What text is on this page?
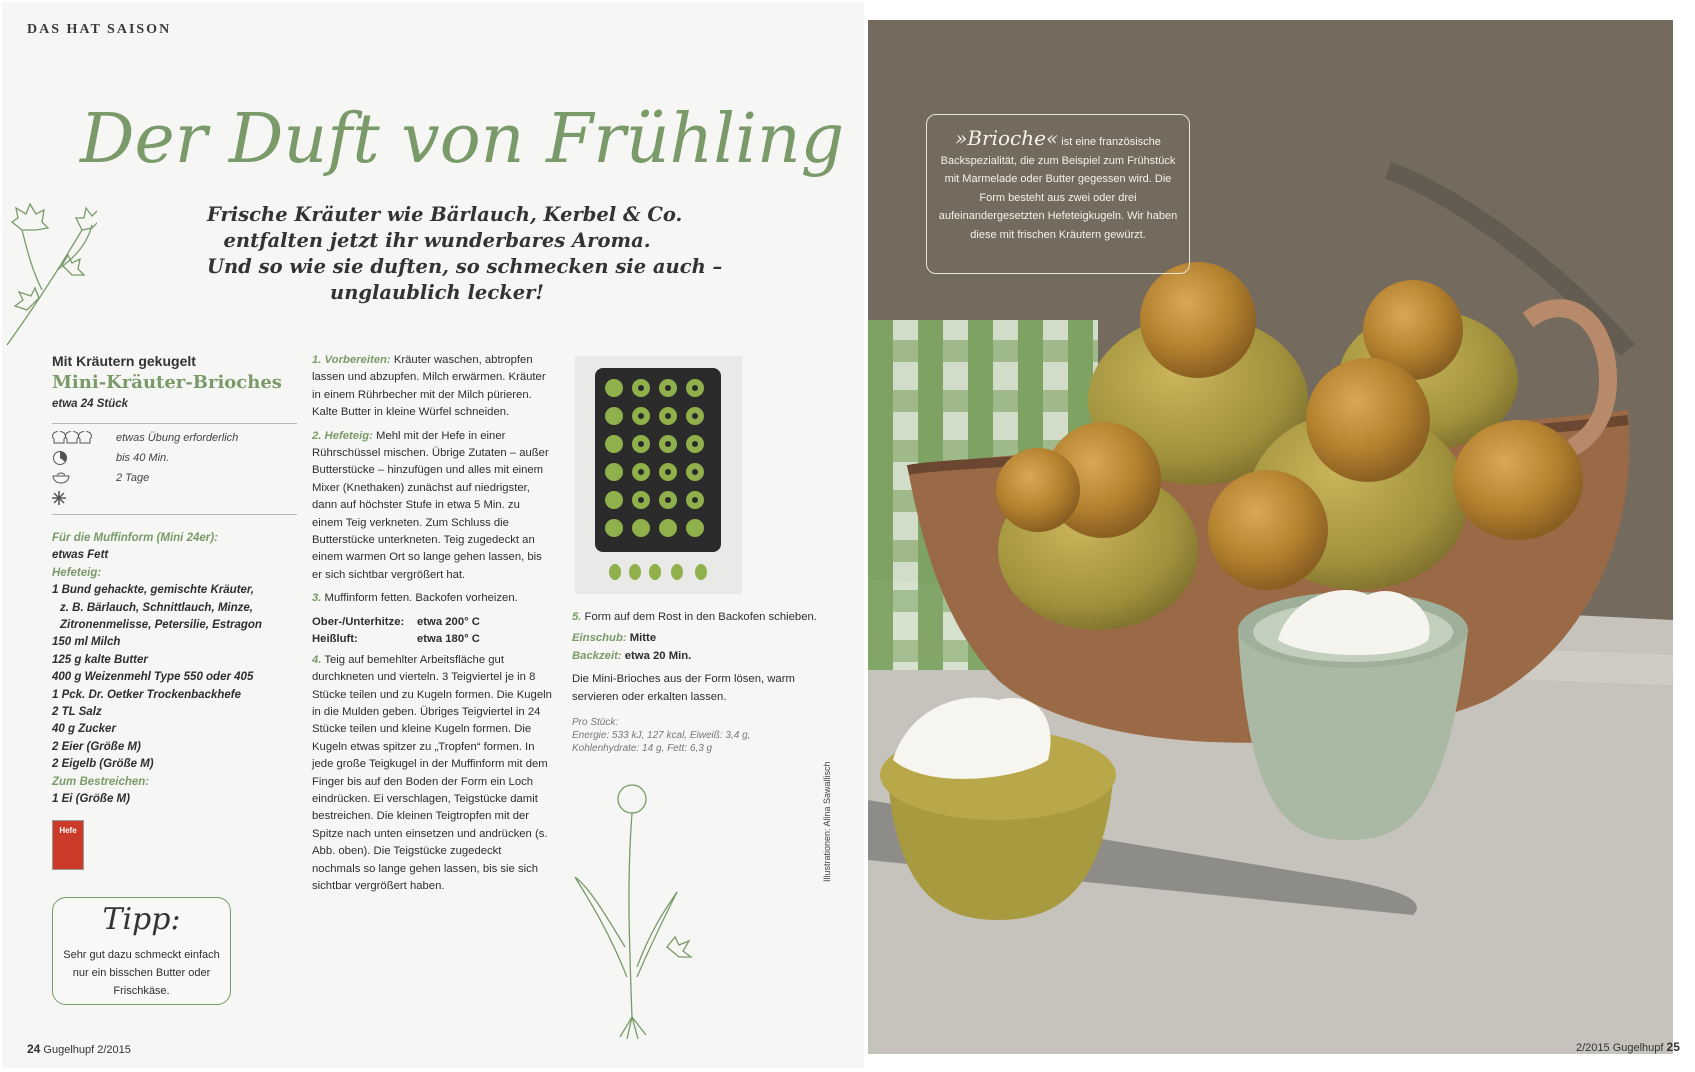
DAS HAT SAISON
Der Duft von Frühling
Frische Kräuter wie Bärlauch, Kerbel & Co.
entfalten jetzt ihr wunderbares Aroma.
Und so wie sie duften, so schmecken sie auch –
unglaublich lecker!
Mit Kräutern gekugelt
Mini-Kräuter-Brioches
etwa 24 Stück
etwas Übung erforderlich
bis 40 Min.
2 Tage
Für die Muffinform (Mini 24er):
etwas Fett
Hefeteig:
1 Bund gehackte, gemischte Kräuter,
z. B. Bärlauch, Schnittlauch, Minze,
Zitronenmelisse, Petersilie, Estragon
150 ml Milch
125 g kalte Butter
400 g Weizenmehl Type 550 oder 405
1 Pck. Dr. Oetker Trockenbackhefe
2 TL Salz
40 g Zucker
2 Eier (Größe M)
2 Eigelb (Größe M)
Zum Bestreichen:
1 Ei (Größe M)
Hefe
Tipp:
Sehr gut dazu schmeckt einfach nur ein bisschen Butter oder Frischkäse.

1. Vorbereiten: Kräuter waschen, abtropfen lassen und abzupfen. Milch erwärmen. Kräuter in einem Rührbecher mit der Milch pürieren. Kalte Butter in kleine Würfel schneiden.

2. Hefeteig: Mehl mit der Hefe in einer Rührschüssel mischen. Übrige Zutaten – außer Butterstücke – hinzufügen und alles mit einem Mixer (Knethaken) zunächst auf niedrigster, dann auf höchster Stufe in etwa 5 Min. zu einem Teig verkneten. Zum Schluss die Butterstücke unterkneten. Teig zugedeckt an einem warmen Ort so lange gehen lassen, bis er sich sichtbar vergrößert hat.

3. Muffinform fetten. Backofen vorheizen.

Ober-/Unterhitze:	etwa 200° C
Heißluft:	etwa 180° C

4. Teig auf bemehlter Arbeitsfläche gut durchkneten und vierteln. 3 Teigviertel je in 8 Stücke teilen und zu Kugeln formen. Die Kugeln in die Mulden geben. Übriges Teigviertel in 24 Stücke teilen und kleine Kugeln formen. Die Kugeln etwas spitzer zu „Tropfen“ formen. In jede große Teigkugel in der Muffinform mit dem Finger bis auf den Boden der Form ein Loch eindrücken. Ei verschlagen, Teigstücke damit bestreichen. Die kleinen Teigtropfen mit der Spitze nach unten einsetzen und andrücken (s. Abb. oben). Die Teigstücke zugedeckt nochmals so lange gehen lassen, bis sie sich sichtbar vergrößert haben.

5. Form auf dem Rost in den Backofen schieben.

Einschub: Mitte
Backzeit: etwa 20 Min.

Die Mini-Brioches aus der Form lösen, warm servieren oder erkalten lassen.

Pro Stück:
Energie: 533 kJ, 127 kcal, Eiweiß: 3,4 g,
Kohlenhydrate: 14 g, Fett: 6,3 g
Illustrationen: Alina Sawallisch
24 Gugelhupf 2/2015
»Brioche« ist eine französische Backspezialität, die zum Beispiel zum Frühstück mit Marmelade oder Butter gegessen wird. Die Form besteht aus zwei oder drei aufeinandergesetzten Hefeteigkugeln. Wir haben diese mit frischen Kräutern gewürzt.
2/2015 Gugelhupf 25
